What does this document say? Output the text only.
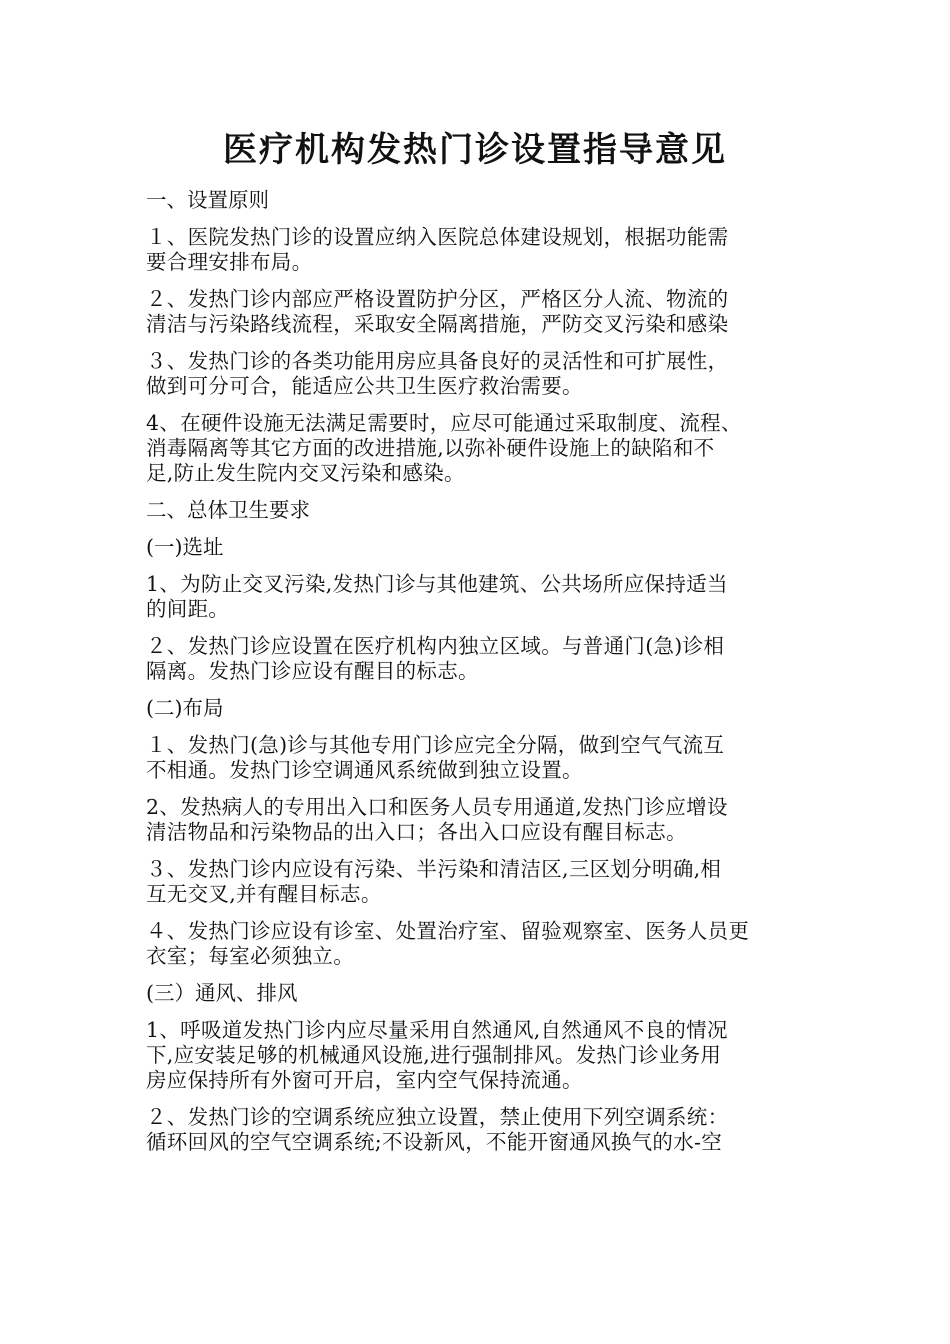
医疗机构发热门诊设置指导意见

一、设置原则

１、医院发热门诊的设置应纳入医院总体建设规划，根据功能需
要合理安排布局。

２、发热门诊内部应严格设置防护分区，严格区分人流、物流的
清洁与污染路线流程，采取安全隔离措施，严防交叉污染和感染

３、发热门诊的各类功能用房应具备良好的灵活性和可扩展性，
做到可分可合，能适应公共卫生医疗救治需要。

4、在硬件设施无法满足需要时，应尽可能通过采取制度、流程、
消毒隔离等其它方面的改进措施,以弥补硬件设施上的缺陷和不
足,防止发生院内交叉污染和感染。

二、总体卫生要求

(一)选址

1、为防止交叉污染,发热门诊与其他建筑、公共场所应保持适当
的间距。

２、发热门诊应设置在医疗机构内独立区域。与普通门(急)诊相
隔离。发热门诊应设有醒目的标志。

(二)布局

１、发热门(急)诊与其他专用门诊应完全分隔，做到空气气流互
不相通。发热门诊空调通风系统做到独立设置。

2、发热病人的专用出入口和医务人员专用通道,发热门诊应增设
清洁物品和污染物品的出入口；各出入口应设有醒目标志。

３、发热门诊内应设有污染、半污染和清洁区,三区划分明确,相
互无交叉,并有醒目标志。

４、发热门诊应设有诊室、处置治疗室、留验观察室、医务人员更
衣室；每室必须独立。

(三）通风、排风

1、呼吸道发热门诊内应尽量采用自然通风,自然通风不良的情况
下,应安装足够的机械通风设施,进行强制排风。发热门诊业务用
房应保持所有外窗可开启，室内空气保持流通。

２、发热门诊的空调系统应独立设置，禁止使用下列空调系统：
循环回风的空气空调系统;不设新风，不能开窗通风换气的水-空
